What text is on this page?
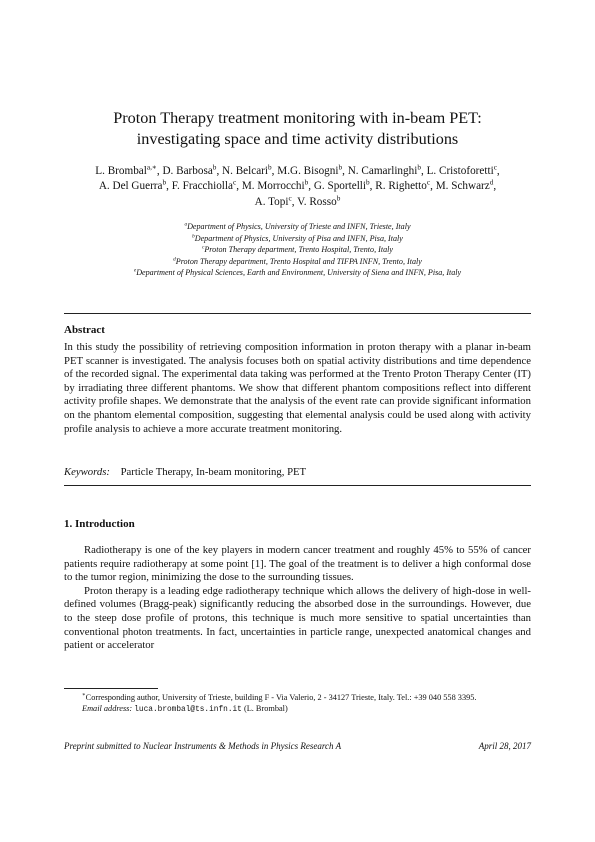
Proton Therapy treatment monitoring with in-beam PET:
investigating space and time activity distributions
L. Brombal$^{a,∗}$, D. Barbosa$^b$, N. Belcari$^b$, M.G. Bisogni$^b$, N. Camarlinghi$^b$, L. Cristoforetti$^c$,
A. Del Guerra$^b$, F. Fracchiolla$^c$, M. Morrocchi$^b$, G. Sportelli$^b$, R. Righetto$^c$, M. Schwarz$^d$,
A. Topi$^c$, V. Rosso$^b$
$^a$Department of Physics, University of Trieste and INFN, Trieste, Italy
$^b$Department of Physics, University of Pisa and INFN, Pisa, Italy
$^c$Proton Therapy department, Trento Hospital, Trento, Italy
$^d$Proton Therapy department, Trento Hospital and TIFPA INFN, Trento, Italy
$^e$Department of Physical Sciences, Earth and Environment, University of Siena and INFN, Pisa, Italy
Abstract
In this study the possibility of retrieving composition information in proton therapy with a planar in-beam PET scanner is investigated. The analysis focuses both on spatial activity distributions and time dependence of the recorded signal. The experimental data taking was performed at the Trento Proton Therapy Center (IT) by irradiating three different phantoms. We show that different phantom compositions reflect into different activity profile shapes. We demonstrate that the analysis of the event rate can provide significant information on the phantom elemental composition, suggesting that elemental analysis could be used along with activity profile analysis to achieve a more accurate treatment monitoring.
Keywords: Particle Therapy, In-beam monitoring, PET
1. Introduction

Radiotherapy is one of the key players in modern cancer treatment and roughly 45% to 55% of cancer patients require radiotherapy at some point [1]. The goal of the treatment is to deliver a high conformal dose to the tumor region, minimizing the dose to the surrounding tissues.

Proton therapy is a leading edge radiotherapy technique which allows the delivery of high-dose in well-defined volumes (Bragg-peak) significantly reducing the absorbed dose in the surroundings. However, due to the steep dose profile of protons, this technique is much more sensitive to spatial uncertainties than conventional photon treatments. In fact, uncertainties in particle range, unexpected anatomical changes and patient or accelerator

∗Corresponding author, University of Trieste, building F - Via Valerio, 2 - 34127 Trieste, Italy. Tel.: +39 040 558 3395.

Email address: luca.brombal@ts.infn.it (L. Brombal)

Preprint submitted to Nuclear Instruments & Methods in Physics Research A	April 28, 2017
